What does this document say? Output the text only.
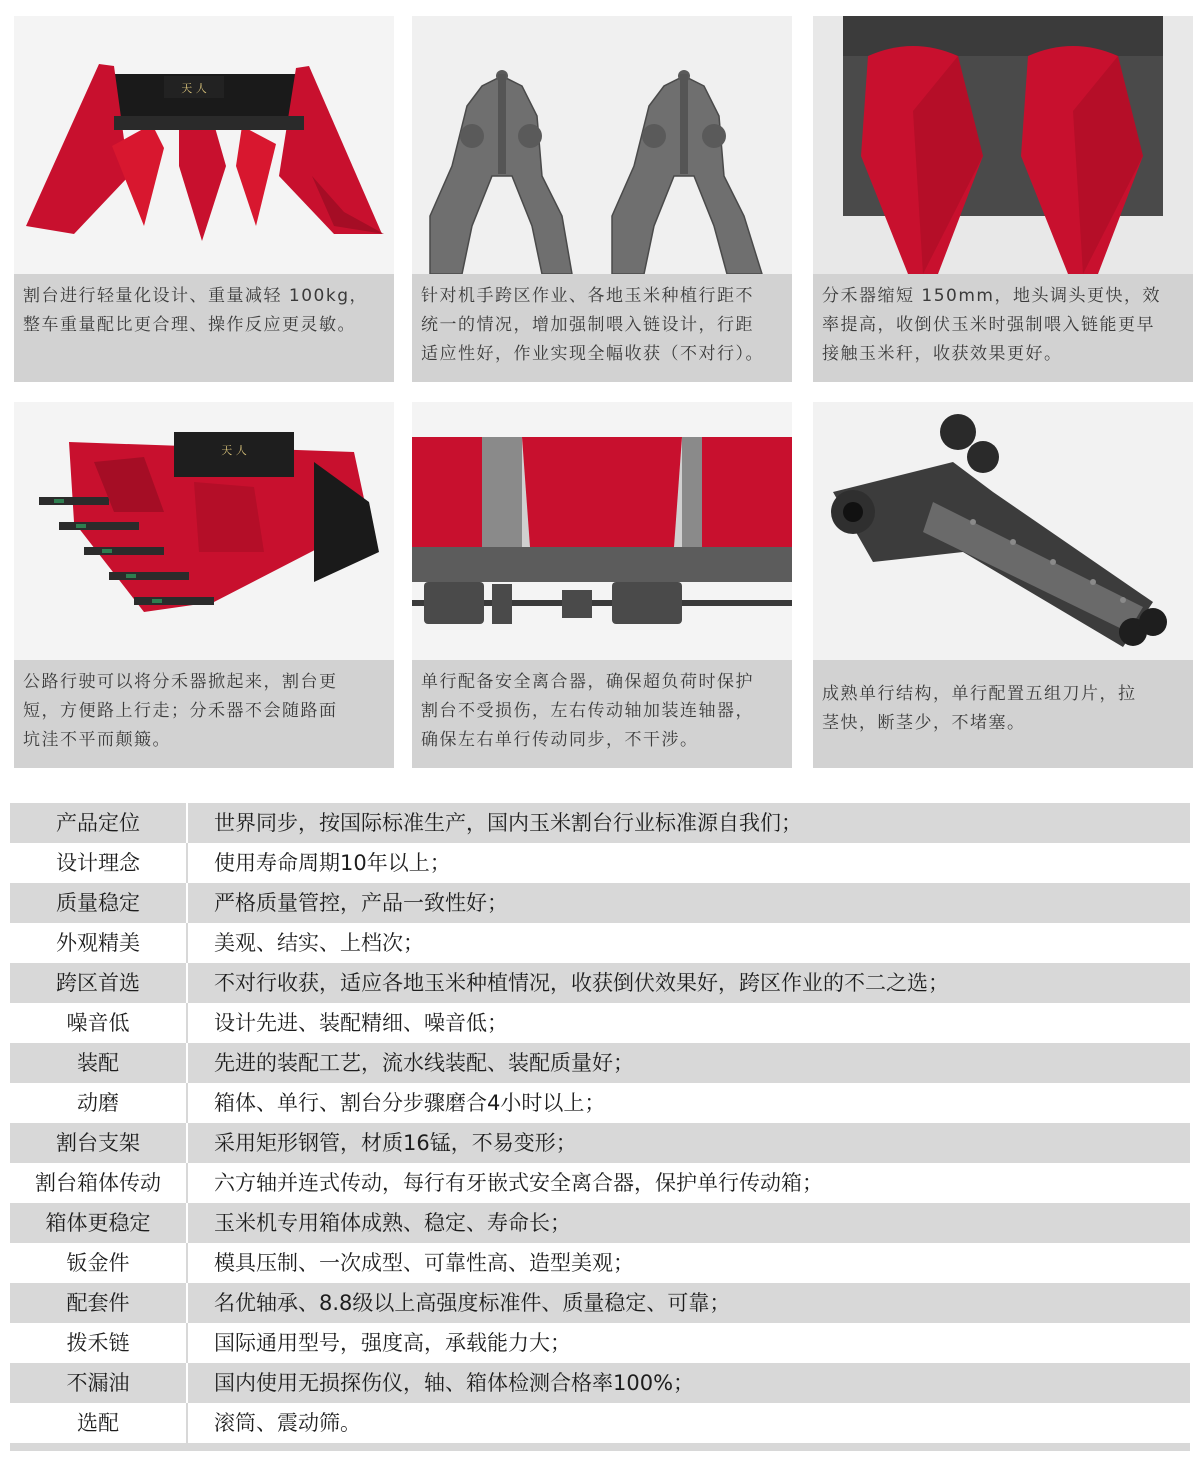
天 人
割台进行轻量化设计、重量减轻 100kg，
整车重量配比更合理、操作反应更灵敏。
针对机手跨区作业、各地玉米种植行距不
统一的情况，增加强制喂入链设计，行距
适应性好，作业实现全幅收获（不对行）。
分禾器缩短 150mm，地头调头更快，效
率提高，收倒伏玉米时强制喂入链能更早
接触玉米秆，收获效果更好。
天 人
公路行驶可以将分禾器掀起来，割台更
短，方便路上行走；分禾器不会随路面
坑洼不平而颠簸。
单行配备安全离合器，确保超负荷时保护
割台不受损伤，左右传动轴加装连轴器，
确保左右单行传动同步，不干涉。
成熟单行结构，单行配置五组刀片，拉
茎快，断茎少，不堵塞。
产品定位	世界同步，按国际标准生产，国内玉米割台行业标准源自我们；
设计理念	使用寿命周期10年以上；
质量稳定	严格质量管控，产品一致性好；
外观精美	美观、结实、上档次；
跨区首选	不对行收获，适应各地玉米种植情况，收获倒伏效果好，跨区作业的不二之选；
噪音低	设计先进、装配精细、噪音低；
装配	先进的装配工艺，流水线装配、装配质量好；
动磨	箱体、单行、割台分步骤磨合4小时以上；
割台支架	采用矩形钢管，材质16锰，不易变形；
割台箱体传动	六方轴并连式传动，每行有牙嵌式安全离合器，保护单行传动箱；
箱体更稳定	玉米机专用箱体成熟、稳定、寿命长；
钣金件	模具压制、一次成型、可靠性高、造型美观；
配套件	名优轴承、8.8级以上高强度标准件、质量稳定、可靠；
拨禾链	国际通用型号，强度高，承载能力大；
不漏油	国内使用无损探伤仪，轴、箱体检测合格率100%；
选配	滚筒、震动筛。
